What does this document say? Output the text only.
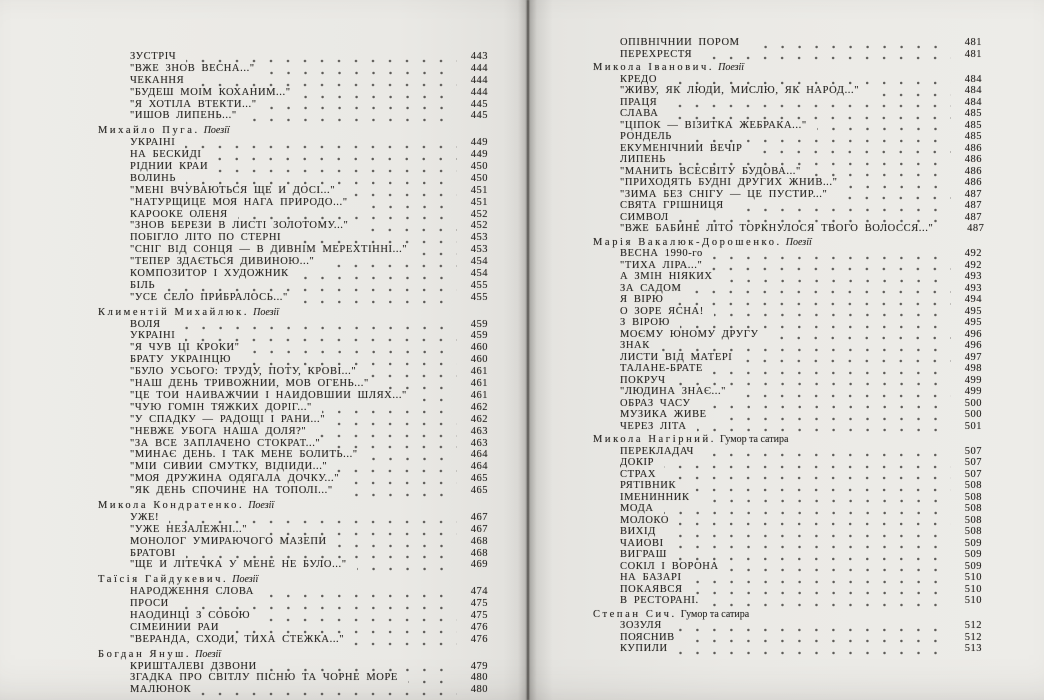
ЗУСТРІЧ	443
"ВЖЕ ЗНОВ ВЕСНА..."	444
ЧЕКАННЯ	444
"БУДЕШ МОЇМ КОХАНИМ..."	444
"Я ХОТІЛА ВТЕКТИ..."	445
"ЙШОВ ЛИПЕНЬ..."	445
Михайло Пуга. Поезії
УКРАЇНІ	449
НА БЕСКИДІ	449
РІДНИЙ КРАЙ	450
ВОЛИНЬ	450
"МЕНІ ВЧУВАЮТЬСЯ ЩЕ Й ДОСІ..."	451
"НАТУРЩИЦЕ МОЯ НАГА ПРИРОДО..."	451
КАРООКЕ ОЛЕНЯ	452
"ЗНОВ БЕРЕЗИ В ЛИСТІ ЗОЛОТОМУ..."	452
ПОБІГЛО ЛІТО ПО СТЕРНІ	453
"СНІГ ВІД СОНЦЯ — В ДИВНІМ МЕРЕХТІННІ..."	453
"ТЕПЕР ЗДАЄТЬСЯ ДИВИНОЮ..."	454
КОМПОЗИТОР І ХУДОЖНИК	454
БІЛЬ	455
"УСЕ СЕЛО ПРИБРАЛОСЬ..."	455
Климентій Михайлюк. Поезії
ВОЛЯ	459
УКРАЇНІ	459
"Я ЧУВ ЦІ КРОКИ"	460
БРАТУ УКРАЇНЦЮ	460
"БУЛО УСЬОГО: ТРУДУ, ПОТУ, КРОВІ..."	461
"НАШ ДЕНЬ ТРИВОЖНИЙ, МОВ ОГЕНЬ..."	461
"ЦЕ ТОЙ НАЙВАЖЧИЙ І НАЙДОВШИЙ ШЛЯХ..."	461
"ЧУЮ ГОМІН ТЯЖКИХ ДОРІГ..."	462
"У СПАДКУ — РАДОЩІ І РАНИ..."	462
"НЕВЖЕ УБОГА НАША ДОЛЯ?"	463
"ЗА ВСЕ ЗАПЛАЧЕНО СТОКРАТ..."	463
"МИНАЄ ДЕНЬ. І ТАК МЕНЕ БОЛИТЬ..."	464
"МІЙ СИВИЙ СМУТКУ, ВІДІЙДИ..."	464
"МОЯ ДРУЖИНА ОДЯГАЛА ДОЧКУ..."	465
"ЯК ДЕНЬ СПОЧИНЕ НА ТОПОЛІ..."	465
Микола Кондратенко. Поезії
УЖЕ!	467
"УЖЕ НЕЗАЛЕЖНІ..."	467
МОНОЛОГ УМИРАЮЧОГО МАЗЕПИ	468
БРАТОВІ	468
"ЩЕ Й ЛІТЕЧКА У МЕНЕ НЕ БУЛО..."	469
Таїсія Гайдукевич. Поезії
НАРОДЖЕННЯ СЛОВА	474
ПРОСИ	475
НАОДИНЦІ З СОБОЮ	475
СІМЕЙНИЙ РАЙ	476
"ВЕРАНДА, СХОДИ, ТИХА СТЕЖКА..."	476
Богдан Януш. Поезії
КРИШТАЛЕВІ ДЗВОНИ	479
ЗГАДКА ПРО СВІТЛУ ПІСНЮ ТА ЧОРНЕ МОРЕ	480
МАЛЮНОК	480
ОПІВНІЧНИЙ ПОРОМ	481
ПЕРЕХРЕСТЯ	481
Микола Іванович. Поезії
КРЕДО	484
"ЖИВУ, ЯК ЛЮДИ, МИСЛЮ, ЯК НАРОД..."	484
ПРАЦЯ	484
СЛАВА	485
"ЦІПОК — ВІЗИТКА ЖЕБРАКА..."	485
РОНДЕЛЬ	485
ЕКУМЕНІЧНИЙ ВЕЧІР	486
ЛИПЕНЬ	486
"МАНИТЬ ВСЕСВІТУ БУДОВА..."	486
"ПРИХОДЯТЬ БУДНІ ДРУГИХ ЖНИВ..."	486
"ЗИМА БЕЗ СНІГУ — ЦЕ ПУСТИР..."	487
СВЯТА ГРІШНИЦЯ	487
СИМВОЛ	487
"ВЖЕ БАБИНЕ ЛІТО ТОРКНУЛОСЯ ТВОГО ВОЛОССЯ..."	487
Марія Вакалюк-Дорошенко. Поезії
ВЕСНА 1990-го	492
"ТИХА ЛІРА..."	492
А ЗМІН НІЯКИХ	493
ЗА САДОМ	493
Я ВІРЮ	494
О ЗОРЕ ЯСНА!	495
З ВІРОЮ	495
МОЄМУ ЮНОМУ ДРУГУ	496
ЗНАК	496
ЛИСТИ ВІД МАТЕРІ	497
ТАЛАНЕ-БРАТЕ	498
ПОКРУЧ	499
"ЛЮДИНА ЗНАЄ..."	499
ОБРАЗ ЧАСУ	500
МУЗИКА ЖИВЕ	500
ЧЕРЕЗ ЛІТА	501
Микола Нагірний. Гумор та сатира
ПЕРЕКЛАДАЧ	507
ДОКІР	507
СТРАХ	507
РЯТІВНИК	508
ІМЕНИННИК	508
МОДА	508
МОЛОКО	508
ВИХІД	508
ЧАЙОВІ	509
ВИГРАШ	509
СОКІЛ І ВОРОНА	509
НА БАЗАРІ	510
ПОКАЯВСЯ	510
В РЕСТОРАНІ.	510
Степан Сич. Гумор та сатира
ЗОЗУЛЯ	512
ПОЯСНИВ	512
КУПИЛИ	513
